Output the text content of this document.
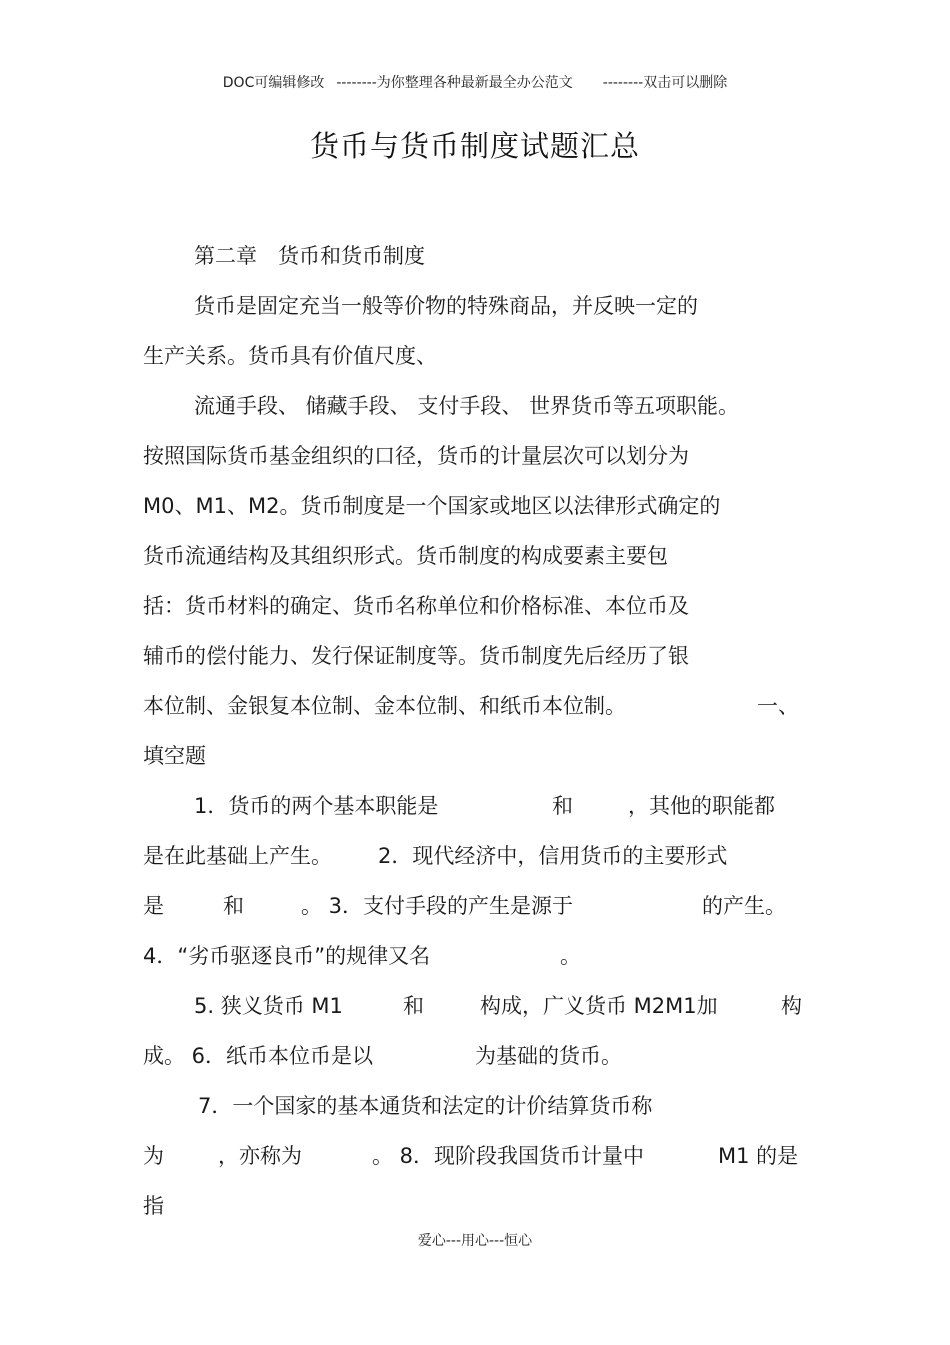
DOC可编辑修改 --------为你整理各种最新最全办公范文 --------双击可以删除
货币与货币制度试题汇总
第二章　货币和货币制度
货币是固定充当一般等价物的特殊商品，并反映一定的
生产关系。货币具有价值尺度、
流通手段、 储藏手段、 支付手段、 世界货币等五项职能。
按照国际货币基金组织的口径，货币的计量层次可以划分为
M0、M1、M2。货币制度是一个国家或地区以法律形式确定的
货币流通结构及其组织形式。货币制度的构成要素主要包
括：货币材料的确定、货币名称单位和价格标准、本位币及
辅币的偿付能力、发行保证制度等。货币制度先后经历了银
本位制、金银复本位制、金本位制、和纸币本位制。	一、
填空题
1．货币的两个基本职能是	和	，其他的职能都
是在此基础上产生。 2．现代经济中，信用货币的主要形式
是	和	。 3．支付手段的产生是源于	的产生。
4．“劣币驱逐良币”的规律又名	。
5. 狭义货币 M1	和	构成，广义货币 M2M1加	构
成。 6．纸币本位币是以	为基础的货币。
7．一个国家的基本通货和法定的计价结算货币称
为	，亦称为	。 8．现阶段我国货币计量中	M1 的是
指
爱心---用心---恒心
